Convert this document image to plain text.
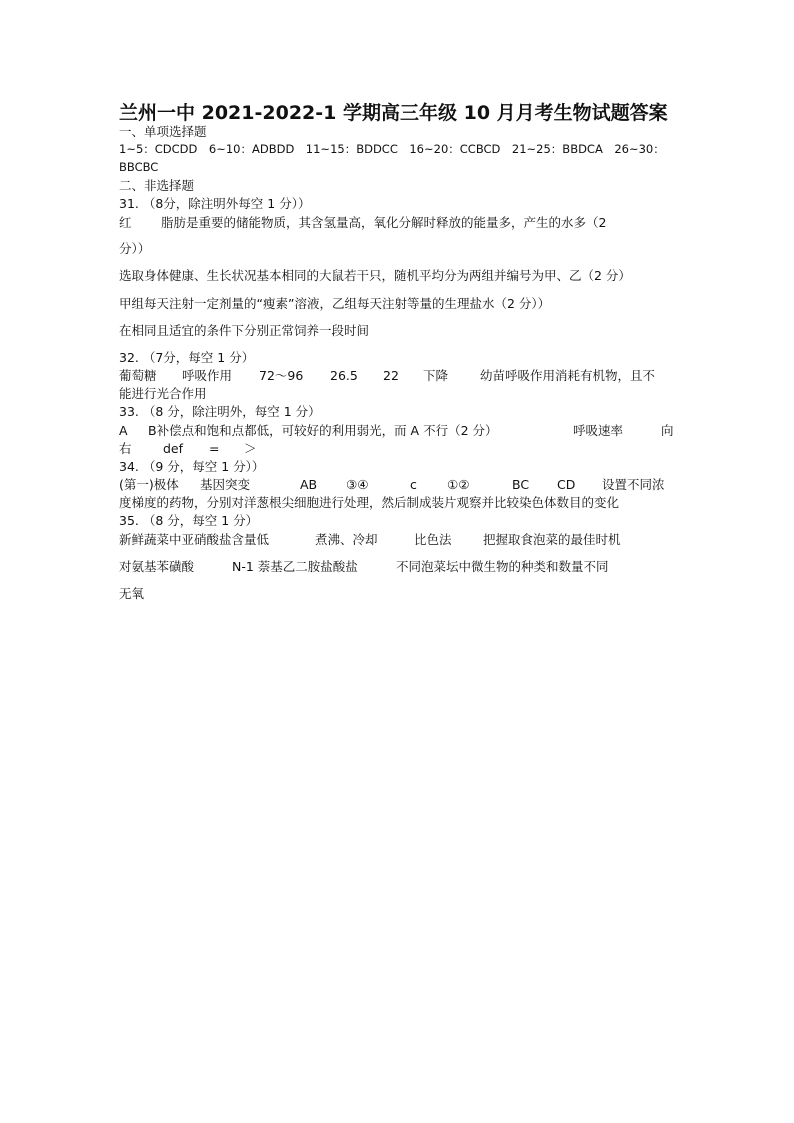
兰州一中 2021-2022-1 学期高三年级 10 月月考生物试题答案
一、单项选择题
1~5：CDCDD　6~10：ADBDD　11~15：BDDCC　16~20：CCBCD　21~25：BBDCA　26~30：
BBCBC
二、非选择题
31. （8分，除注明外每空 1 分））
红 脂肪是重要的储能物质，其含氢量高，氧化分解时释放的能量多，产生的水多（2
分））
选取身体健康、生长状况基本相同的大鼠若干只，随机平均分为两组并编号为甲、乙（2 分）
甲组每天注射一定剂量的“瘦素”溶液，乙组每天注射等量的生理盐水（2 分））
在相同且适宜的条件下分别正常饲养一段时间
32. （7分，每空 1 分）
葡萄糖 呼吸作用 72～96 26.5 22 下降	幼苗呼吸作用消耗有机物，且不
能进行光合作用
33. （8 分，除注明外，每空 1 分）
A B补偿点和饱和点都低，可较好的利用弱光，而 A 不行（2 分）	呼吸速率	向
右	def = ＞
34. （9 分，每空 1 分））
(第一)极体 基因突变	AB ③④	c ①②	BC CD 设置不同浓
度梯度的药物，分别对洋葱根尖细胞进行处理，然后制成装片观察并比较染色体数目的变化
35. （8 分，每空 1 分）
新鲜蔬菜中亚硝酸盐含量低	煮沸、冷却	比色法	把握取食泡菜的最佳时机
对氨基苯磺酸	N-1 萘基乙二胺盐酸盐	不同泡菜坛中微生物的种类和数量不同
无氧
